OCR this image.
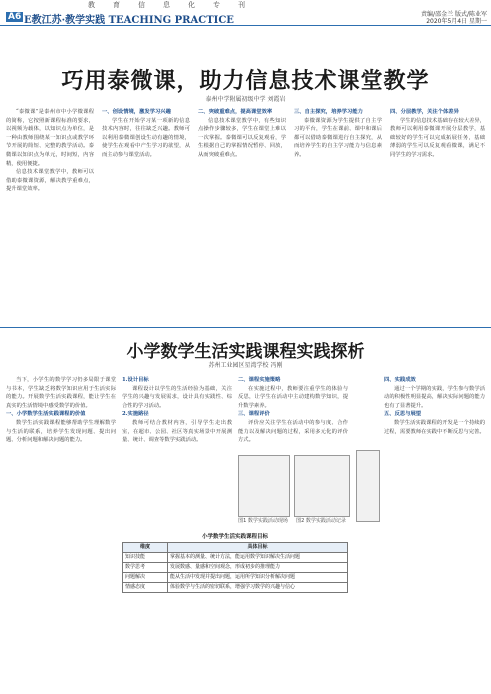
教育信息化专刊
A6 E教江苏·教学实践 TEACHING PRACTICE
责编/邵金兰 版式/陈业军
2020年5月4日 星期一
巧用泰微课，助力信息技术课堂教学
泰州中学附属初级中学 刘霞岩

“泰微课”是泰州市中小学微课程的简称，它按照新课程标准的要求，以视频为载体，以知识点为单位，是一种由教师围绕某一知识点或教学环节开展的简短、完整的教学活动。泰微课以知识点为单元，时间短，内容精，使用便捷。

信息技术课堂教学中，教师可以借助泰微课资源，解决教学重难点，提升课堂效率。

一、创设情境，激发学习兴趣

学生在开始学习某一项新的信息技术内容时，往往缺乏兴趣。教师可以利用泰微课创设生动有趣的情境，使学生在观看中产生学习的欲望，从而主动参与课堂活动。

二、突破重难点，提高课堂效率

信息技术课堂教学中，有些知识点操作步骤较多，学生在课堂上难以一次掌握。泰微课可以反复观看，学生根据自己的掌握情况暂停、回放，从而突破重难点。

三、自主探究，培养学习能力

泰微课资源为学生提供了自主学习的平台，学生在课前、课中和课后都可以借助泰微课进行自主探究，从而培养学生的自主学习能力与信息素养。

四、分层教学，关注个体差异

学生的信息技术基础存在较大差异，教师可以利用泰微课开展分层教学，基础较好的学生可以完成拓展任务，基础薄弱的学生可以反复观看微课，满足不同学生的学习需求。

小学数学生活实践课程实践探析
苏州工业园区星湾学校 冯刚

当下，小学生的数学学习仍多局限于课堂与书本，学生缺乏将数学知识应用于生活实际的能力。开展数学生活实践课程，能让学生在真实的生活情境中感受数学的价值。

一、小学数学生活实践课程的价值

数学生活实践课程能够帮助学生理解数学与生活的联系，培养学生发现问题、提出问题、分析问题和解决问题的能力。

1.设计目标

课程设计以学生的生活经验为基础，关注学生的兴趣与发展需求，设计具有实践性、综合性的学习活动。

2.实施路径

教师可结合教材内容，引导学生走出教室，在超市、公园、社区等真实场景中开展测量、统计、调查等数学实践活动。

二、课程实施策略

在实施过程中，教师要注重学生的体验与反思，让学生在活动中主动建构数学知识，提升数学素养。

三、课程评价

评价应关注学生在活动中的参与度、合作能力以及解决问题的过程，采用多元化的评价方式。

四、实践成效

通过一个学期的实践，学生参与数学活动的积极性明显提高，解决实际问题的能力也有了显著提升。

五、反思与展望

数学生活实践课程的开发是一个持续的过程，需要教师在实践中不断反思与完善。

小学数学生活实践课程目标
维度	具体目标
知识技能	掌握基本的测量、统计方法，能运用数学知识解决生活问题
数学思考	发展数感、量感和空间观念，形成初步的推理能力
问题解决	能从生活中发现并提出问题，运用所学知识分析解决问题
情感态度	体验数学与生活的密切联系，增强学习数学的兴趣与信心
图1 数学实践活动现场	图2 数学实践活动记录
